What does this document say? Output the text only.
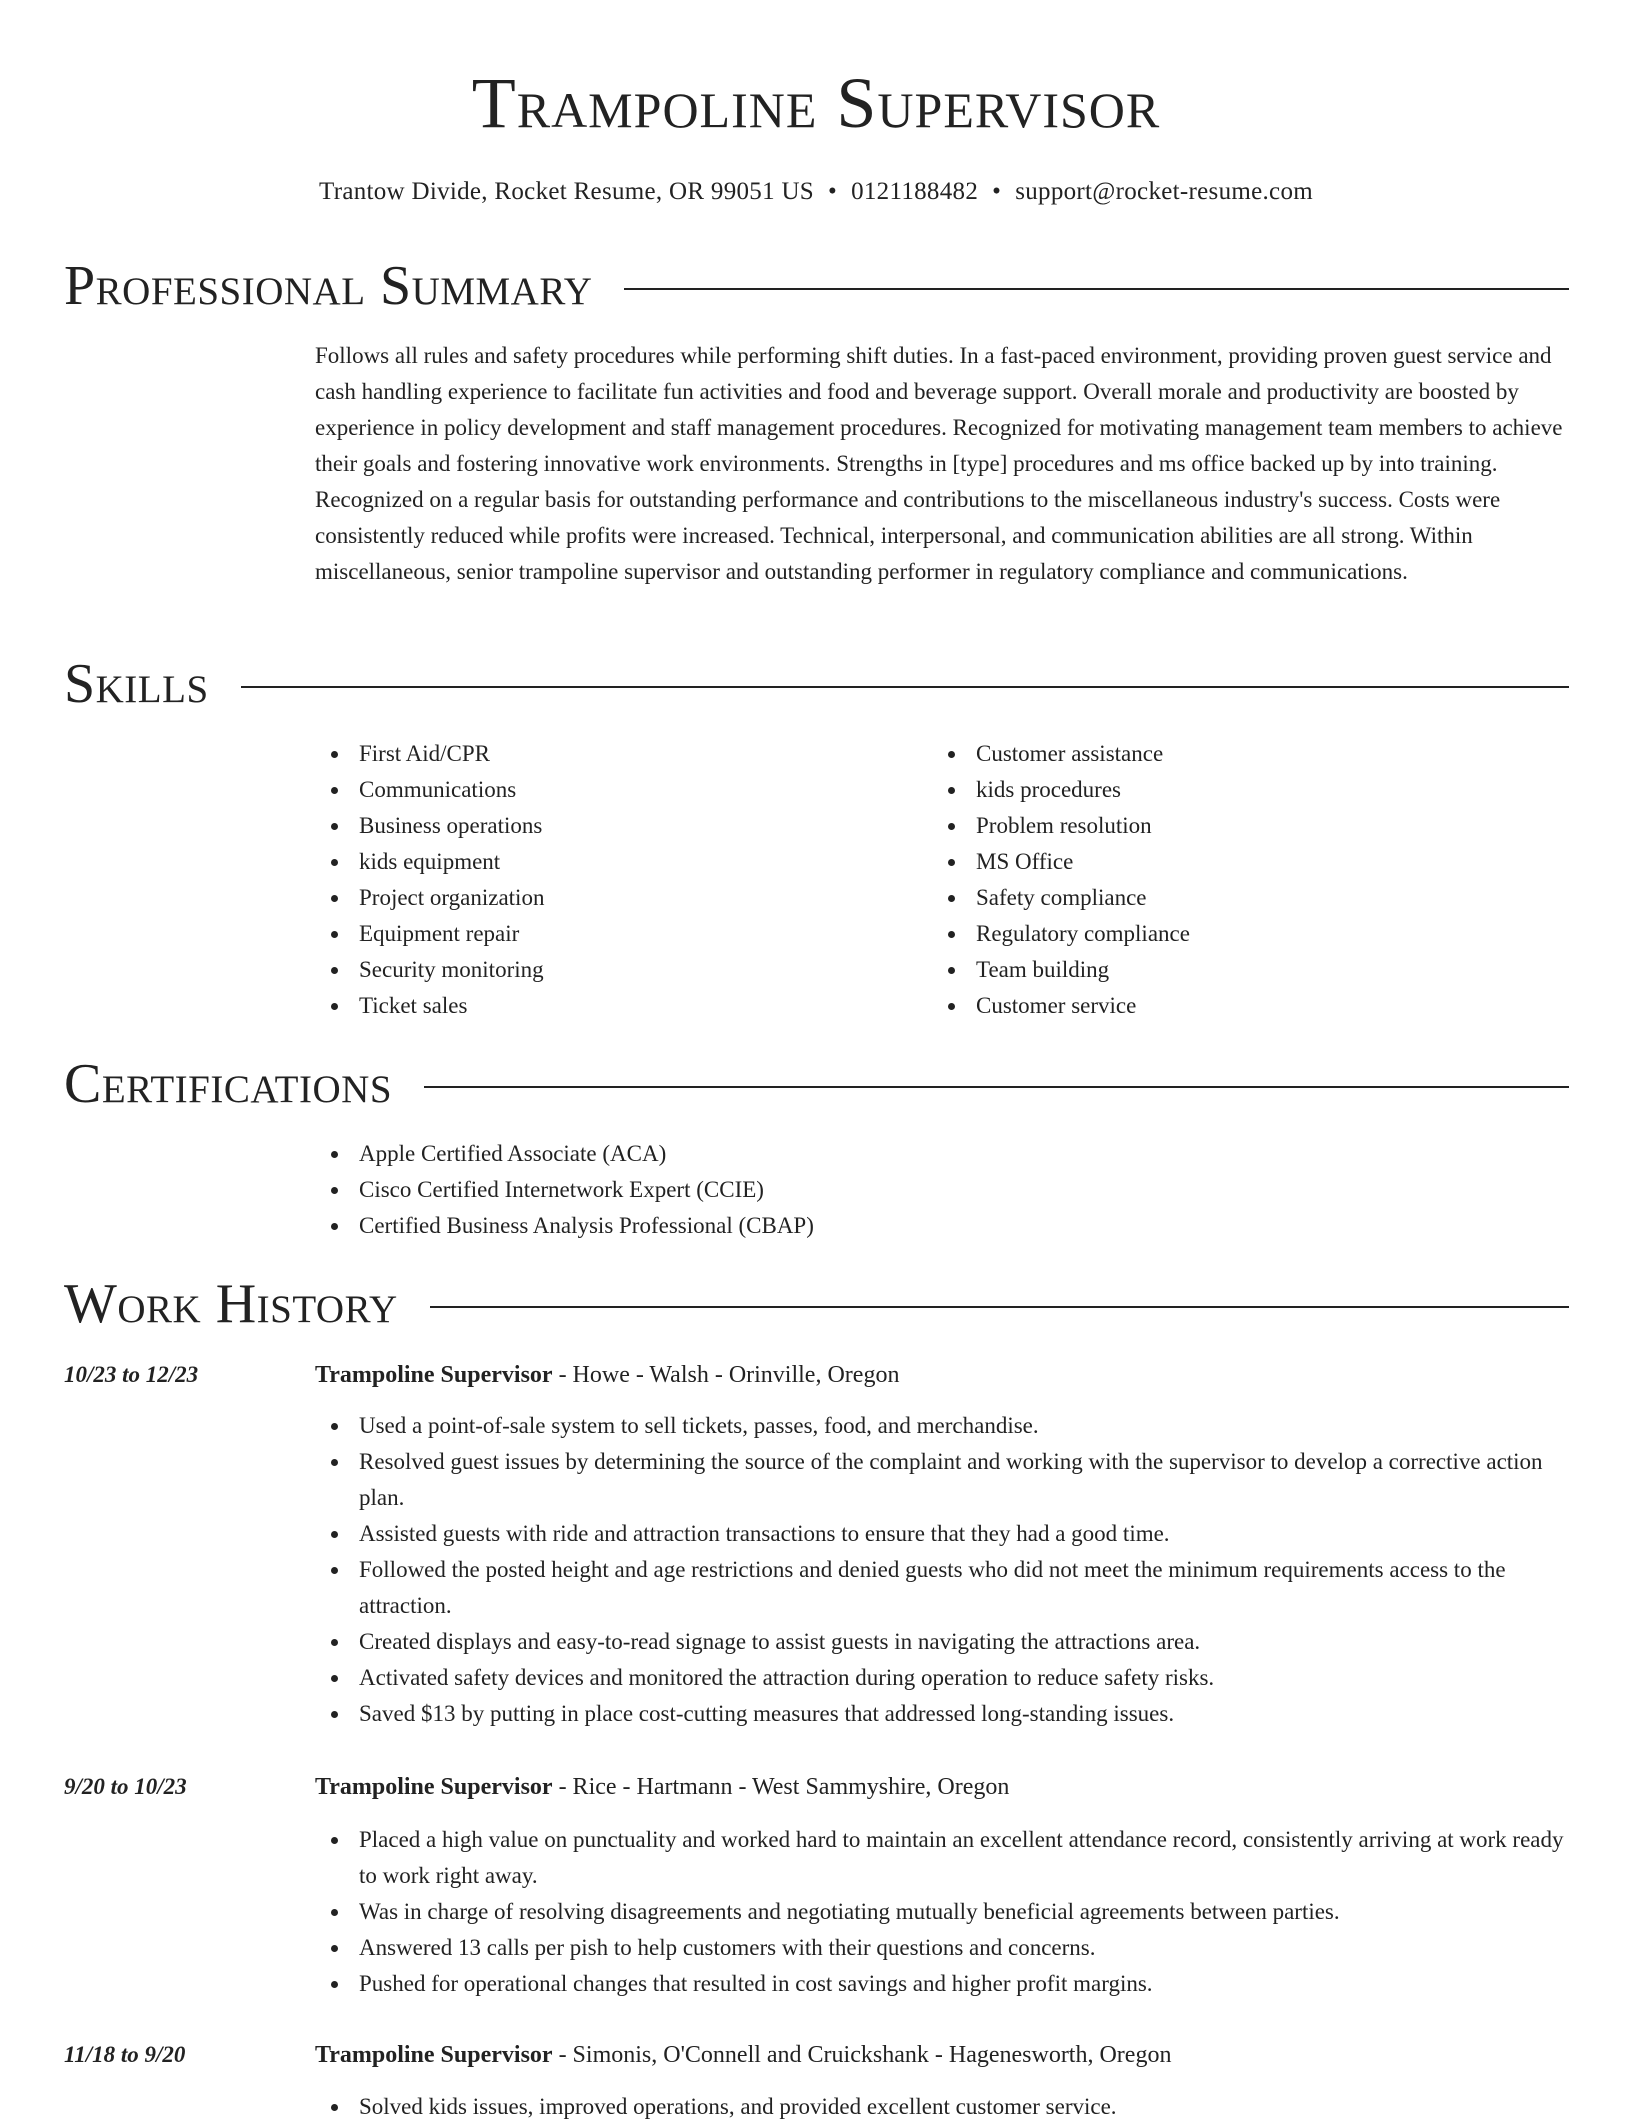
Trampoline Supervisor
Trantow Divide, Rocket Resume, OR 99051 US • 0121188482 • support@rocket-resume.com
Professional Summary

Follows all rules and safety procedures while performing shift duties. In a fast-paced environment, providing proven guest service and cash handling experience to facilitate fun activities and food and beverage support. Overall morale and productivity are boosted by experience in policy development and staff management procedures. Recognized for motivating management team members to achieve their goals and fostering innovative work environments. Strengths in [type] procedures and ms office backed up by into training. Recognized on a regular basis for outstanding performance and contributions to the miscellaneous industry's success. Costs were consistently reduced while profits were increased. Technical, interpersonal, and communication abilities are all strong. Within miscellaneous, senior trampoline supervisor and outstanding performer in regulatory compliance and communications.

Skills
First Aid/CPR
Communications
Business operations
kids equipment
Project organization
Equipment repair
Security monitoring
Ticket sales
Customer assistance
kids procedures
Problem resolution
MS Office
Safety compliance
Regulatory compliance
Team building
Customer service
Certifications
Apple Certified Associate (ACA)
Cisco Certified Internetwork Expert (CCIE)
Certified Business Analysis Professional (CBAP)
Work History
10/23 to 12/23	Trampoline Supervisor - Howe - Walsh - Orinville, Oregon
Used a point-of-sale system to sell tickets, passes, food, and merchandise.
Resolved guest issues by determining the source of the complaint and working with the supervisor to develop a corrective action plan.
Assisted guests with ride and attraction transactions to ensure that they had a good time.
Followed the posted height and age restrictions and denied guests who did not meet the minimum requirements access to the attraction.
Created displays and easy-to-read signage to assist guests in navigating the attractions area.
Activated safety devices and monitored the attraction during operation to reduce safety risks.
Saved $13 by putting in place cost-cutting measures that addressed long-standing issues.
9/20 to 10/23	Trampoline Supervisor - Rice - Hartmann - West Sammyshire, Oregon
Placed a high value on punctuality and worked hard to maintain an excellent attendance record, consistently arriving at work ready to work right away.
Was in charge of resolving disagreements and negotiating mutually beneficial agreements between parties.
Answered 13 calls per pish to help customers with their questions and concerns.
Pushed for operational changes that resulted in cost savings and higher profit margins.
11/18 to 9/20	Trampoline Supervisor - Simonis, O'Connell and Cruickshank - Hagenesworth, Oregon
Solved kids issues, improved operations, and provided excellent customer service.
